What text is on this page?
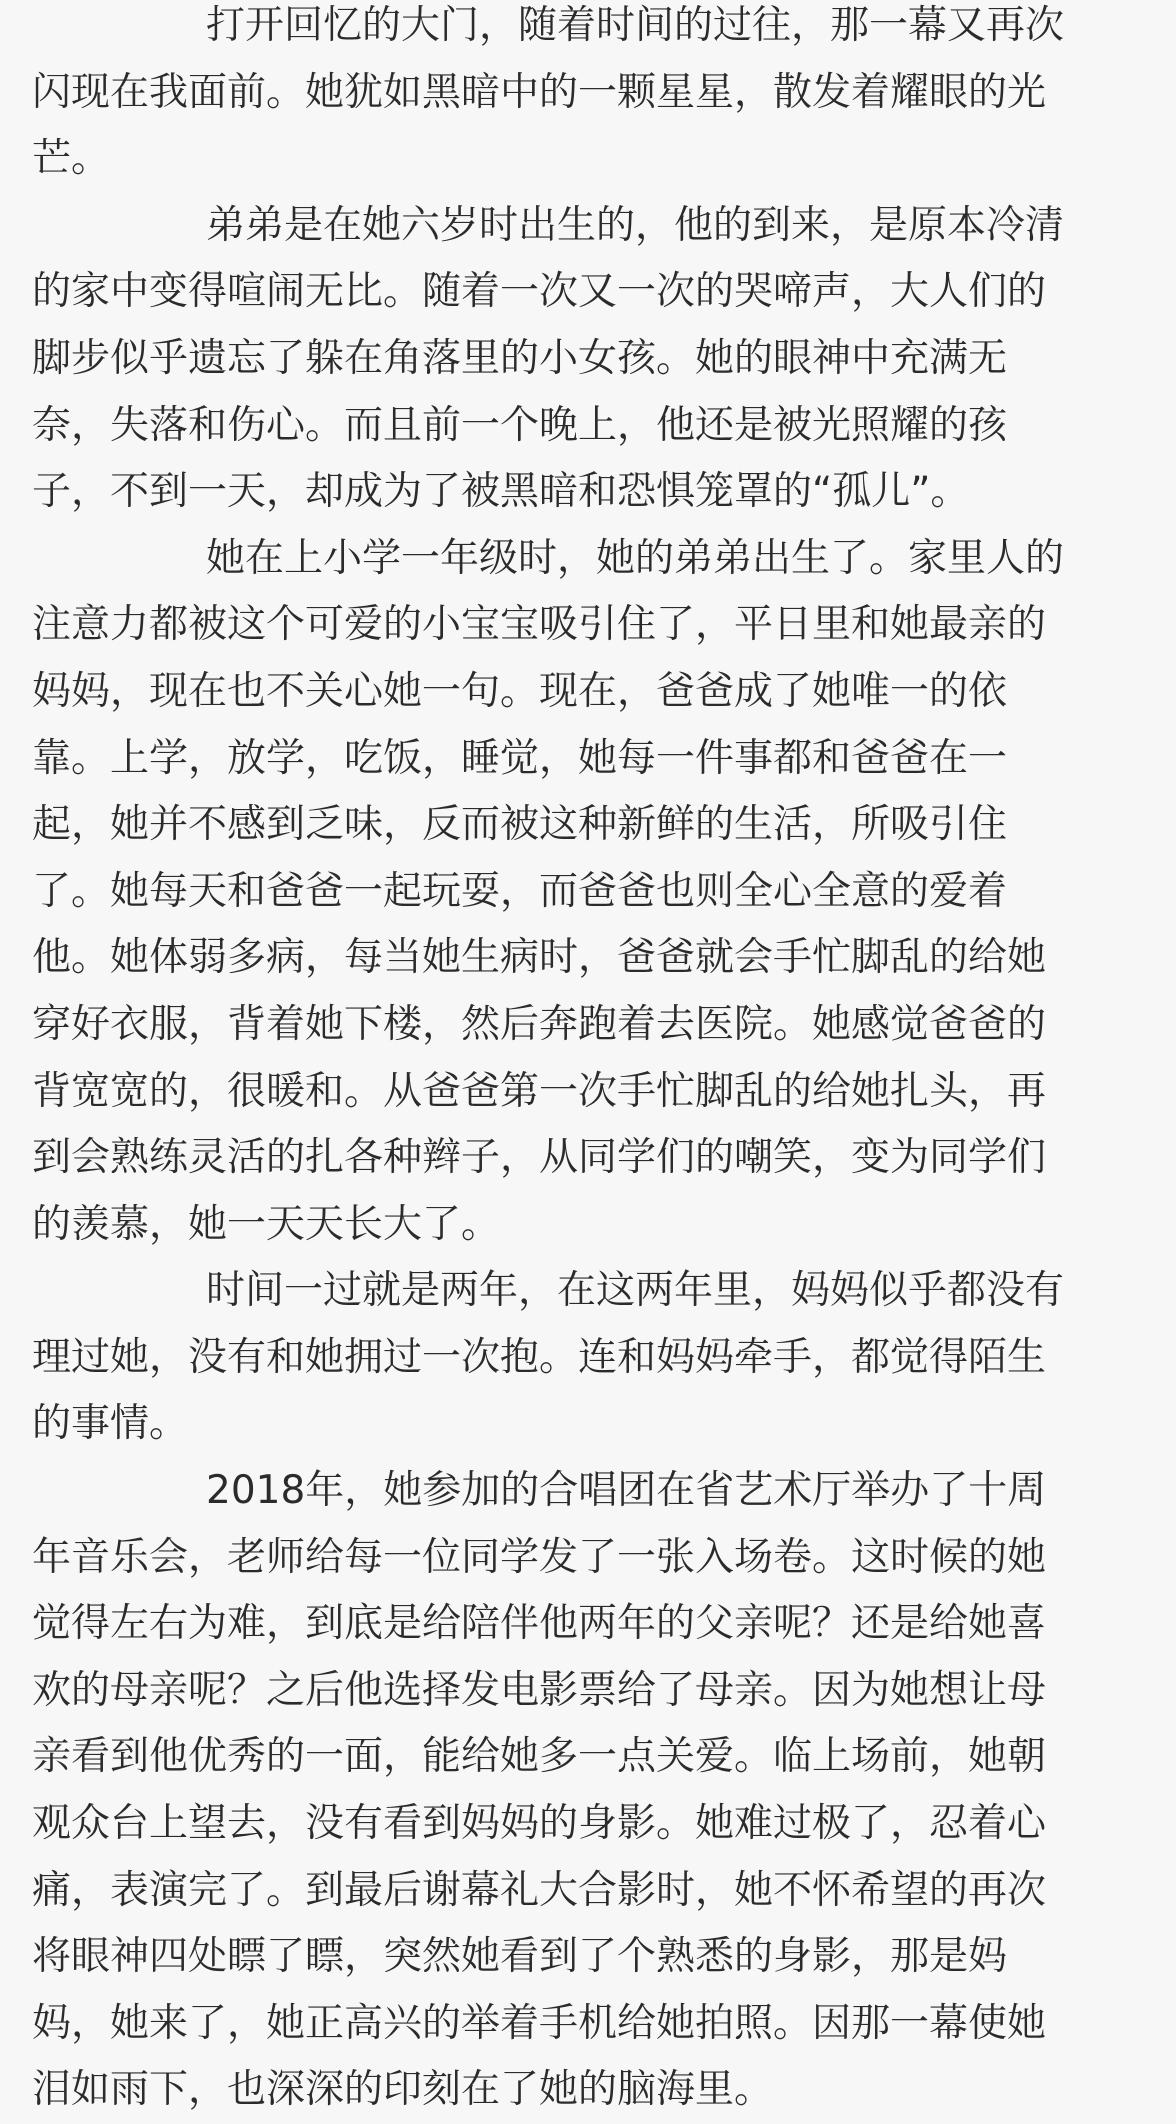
打开回忆的大门，随着时间的过往，那一幕又再次
闪现在我面前。她犹如黑暗中的一颗星星，散发着耀眼的光
芒。
弟弟是在她六岁时出生的，他的到来，是原本冷清
的家中变得喧闹无比。随着一次又一次的哭啼声，大人们的
脚步似乎遗忘了躲在角落里的小女孩。她的眼神中充满无
奈，失落和伤心。而且前一个晚上，他还是被光照耀的孩
子，不到一天，却成为了被黑暗和恐惧笼罩的“孤儿”。
她在上小学一年级时，她的弟弟出生了。家里人的
注意力都被这个可爱的小宝宝吸引住了，平日里和她最亲的
妈妈，现在也不关心她一句。现在，爸爸成了她唯一的依
靠。上学，放学，吃饭，睡觉，她每一件事都和爸爸在一
起，她并不感到乏味，反而被这种新鲜的生活，所吸引住
了。她每天和爸爸一起玩耍，而爸爸也则全心全意的爱着
他。她体弱多病，每当她生病时，爸爸就会手忙脚乱的给她
穿好衣服，背着她下楼，然后奔跑着去医院。她感觉爸爸的
背宽宽的，很暖和。从爸爸第一次手忙脚乱的给她扎头，再
到会熟练灵活的扎各种辫子，从同学们的嘲笑，变为同学们
的羡慕，她一天天长大了。
时间一过就是两年，在这两年里，妈妈似乎都没有
理过她，没有和她拥过一次抱。连和妈妈牵手，都觉得陌生
的事情。
2018年，她参加的合唱团在省艺术厅举办了十周
年音乐会，老师给每一位同学发了一张入场卷。这时候的她
觉得左右为难，到底是给陪伴他两年的父亲呢？还是给她喜
欢的母亲呢？之后他选择发电影票给了母亲。因为她想让母
亲看到他优秀的一面，能给她多一点关爱。临上场前，她朝
观众台上望去，没有看到妈妈的身影。她难过极了，忍着心
痛，表演完了。到最后谢幕礼大合影时，她不怀希望的再次
将眼神四处瞟了瞟，突然她看到了个熟悉的身影，那是妈
妈，她来了，她正高兴的举着手机给她拍照。因那一幕使她
泪如雨下，也深深的印刻在了她的脑海里。
